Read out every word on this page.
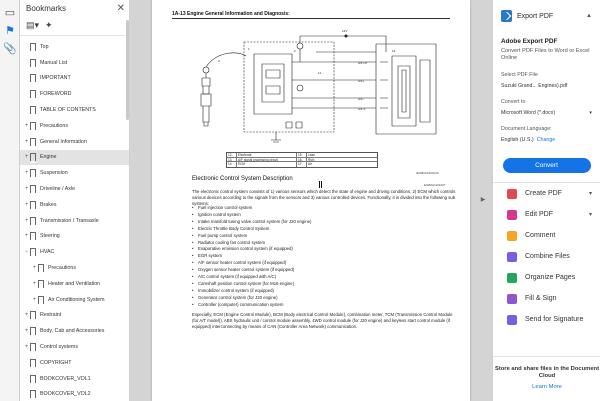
▭
⚑
📎
Bookmarks	✕
▤▾ ✦
Top
Manual List
IMPORTANT
FOREWORD
TABLE OF CONTENTS
+	Precautions
+	General Information
+	Engine
+	Suspension
+	Driveline / Axle
+	Brakes
+	Transmission / Transaxle
+	Steering
−	HVAC
+	Precautions
+	Heater and Ventilation
+	Air Conditioning System
+	Restraint
+	Body, Cab and Accessories
+	Control systems
COPYRIGHT
BOOKCOVER_VOL1
BOOKCOVER_VOL2
1A-13 Engine General Information and Diagnosis:
12V
A/F HT
A/F+
A/F−
A/F A
14
1	2
11
3
12.	Electrode	15.	Lean
13.	A/F signal processing circuit	16.	Rich
14.	ECM	17.	Air
IEGB0A1901040
Electronic Control System Description
EGB0A1101007
The electronic control system consists of 1) various sensors which detect the state of engine and driving conditions, 2) ECM which controls various devices according to the signals from the sensors and 3) various controlled devices. Functionally, it is divided into the following sub systems:
• Fuel injection control system
• Ignition control system
• Intake manifold tuning valve control system (for J20 engine)
• Electric Throttle Body Control System
• Fuel pump control system
• Radiator cooling fan control system
• Evaporative emission control system (if equipped)
• EGR system
• A/F sensor heater control system (if equipped)
• Oxygen sensor heater control system (if equipped)
• A/C control system (if equipped with A/C)
• Camshaft position control system (for M16 engine)
• Immobilizer control system (if equipped)
• Generator control system (for J20 engine)
• Controller (computer) communication system
Especially, ECM (Engine Control Module), BCM (Body electrical Control Module), combination meter, TCM (Transmission Control Module (for A/T model)), ABS hydraulic unit / control module assembly, 4WD control module (for J20 engine) and keyless start control module (if equipped) interconnecting by means of CAN (Controller Area Network) communication.
▶
Export PDF	▲
Adobe Export PDF
Convert PDF Files to Word or Excel Online
Select PDF File
Suzuki Grand... Engines).pdf
Convert to
Microsoft Word (*.docx)	▾
Document Language:
English (U.S.) Change
Convert
Create PDF	▾
Edit PDF	▾
Comment
Combine Files
Organize Pages
Fill & Sign
Send for Signature
Store and share files in the Document Cloud
Learn More
